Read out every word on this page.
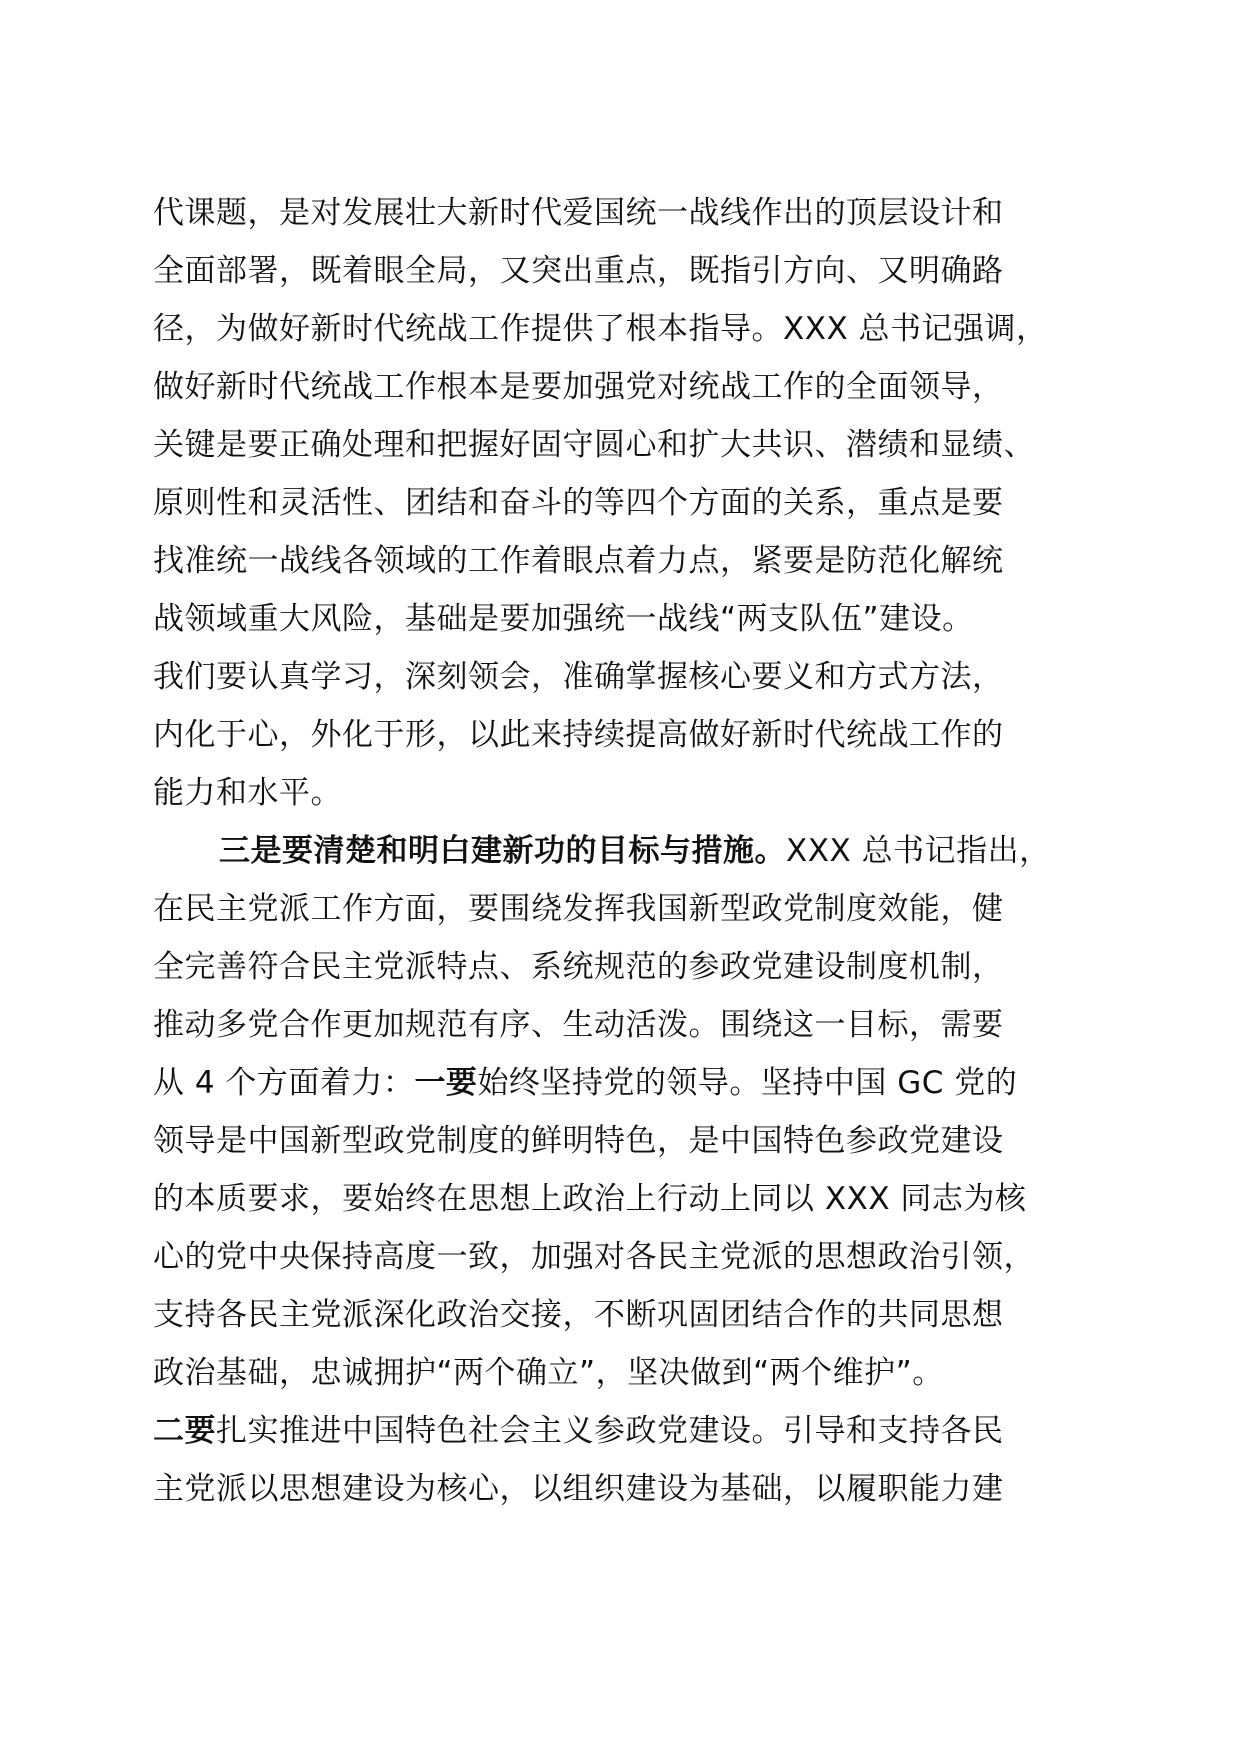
代课题，是对发展壮大新时代爱国统一战线作出的顶层设计和
全面部署，既着眼全局，又突出重点，既指引方向、又明确路
径，为做好新时代统战工作提供了根本指导。XXX 总书记强调，
做好新时代统战工作根本是要加强党对统战工作的全面领导，
关键是要正确处理和把握好固守圆心和扩大共识、潜绩和显绩、
原则性和灵活性、团结和奋斗的等四个方面的关系，重点是要
找准统一战线各领域的工作着眼点着力点，紧要是防范化解统
战领域重大风险，基础是要加强统一战线“两支队伍”建设。
我们要认真学习，深刻领会，准确掌握核心要义和方式方法，
内化于心，外化于形，以此来持续提高做好新时代统战工作的
能力和水平。
三是要清楚和明白建新功的目标与措施。XXX 总书记指出，
在民主党派工作方面，要围绕发挥我国新型政党制度效能，健
全完善符合民主党派特点、系统规范的参政党建设制度机制，
推动多党合作更加规范有序、生动活泼。围绕这一目标，需要
从 4 个方面着力：一要始终坚持党的领导。坚持中国 GC 党的
领导是中国新型政党制度的鲜明特色，是中国特色参政党建设
的本质要求，要始终在思想上政治上行动上同以 XXX 同志为核
心的党中央保持高度一致，加强对各民主党派的思想政治引领，
支持各民主党派深化政治交接，不断巩固团结合作的共同思想
政治基础，忠诚拥护“两个确立”，坚决做到“两个维护”。
二要扎实推进中国特色社会主义参政党建设。引导和支持各民
主党派以思想建设为核心，以组织建设为基础，以履职能力建
